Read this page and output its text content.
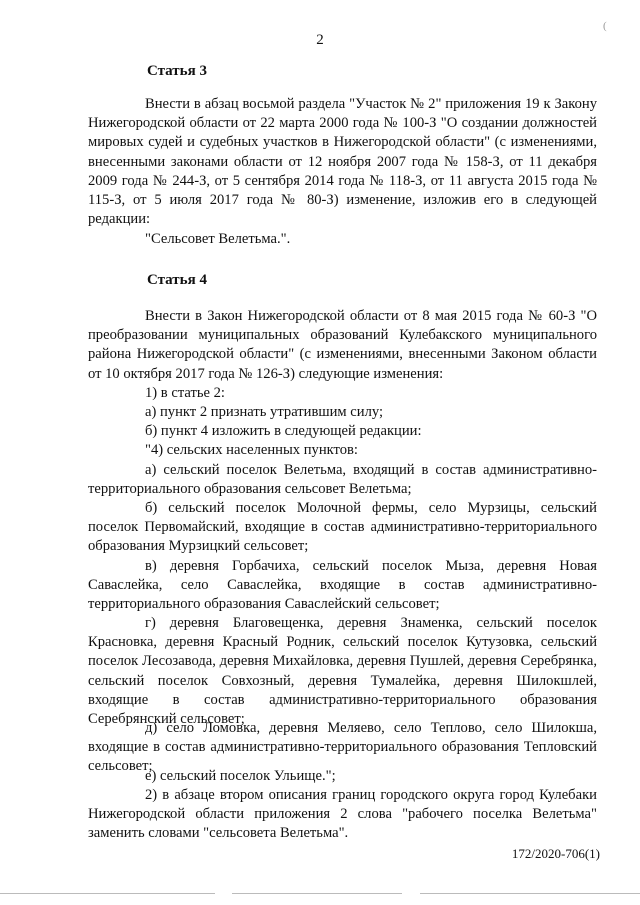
2
(
Статья 3

Внести в абзац восьмой раздела "Участок № 2" приложения 19 к Закону Нижегородской области от 22 марта 2000 года № 100-З "О создании должностей мировых судей и судебных участков в Нижегородской области" (с изменениями, внесенными законами области от 12 ноября 2007 года № 158-З, от 11 декабря 2009 года № 244-З, от 5 сентября 2014 года № 118-З, от 11 августа 2015 года № 115-З, от 5 июля 2017 года № 80-З) изменение, изложив его в следующей редакции:

"Сельсовет Велетьма.".

Статья 4

Внести в Закон Нижегородской области от 8 мая 2015 года № 60-З "О преобразовании муниципальных образований Кулебакского муниципального района Нижегородской области" (с изменениями, внесенными Законом области от 10 октября 2017 года № 126-З) следующие изменения:

1) в статье 2:

а) пункт 2 признать утратившим силу;

б) пункт 4 изложить в следующей редакции:

"4) сельских населенных пунктов:

а) сельский поселок Велетьма, входящий в состав административно-территориального образования сельсовет Велетьма;

б) сельский поселок Молочной фермы, село Мурзицы, сельский поселок Первомайский, входящие в состав административно-территориального образования Мурзицкий сельсовет;

в) деревня Горбачиха, сельский поселок Мыза, деревня Новая Саваслейка, село Саваслейка, входящие в состав административно-территориального образования Саваслейский сельсовет;

г) деревня Благовещенка, деревня Знаменка, сельский поселок Красновка, деревня Красный Родник, сельский поселок Кутузовка, сельский поселок Лесозавода, деревня Михайловка, деревня Пушлей, деревня Серебрянка, сельский поселок Совхозный, деревня Тумалейка, деревня Шилокшлей, входящие в состав административно-территориального образования Серебрянский сельсовет;

д) село Ломовка, деревня Меляево, село Теплово, село Шилокша, входящие в состав административно-территориального образования Тепловский сельсовет;

е) сельский поселок Ульище.";

2) в абзаце втором описания границ городского округа город Кулебаки Нижегородской области приложения 2 слова "рабочего поселка Велетьма" заменить словами "сельсовета Велетьма".

172/2020-706(1)
